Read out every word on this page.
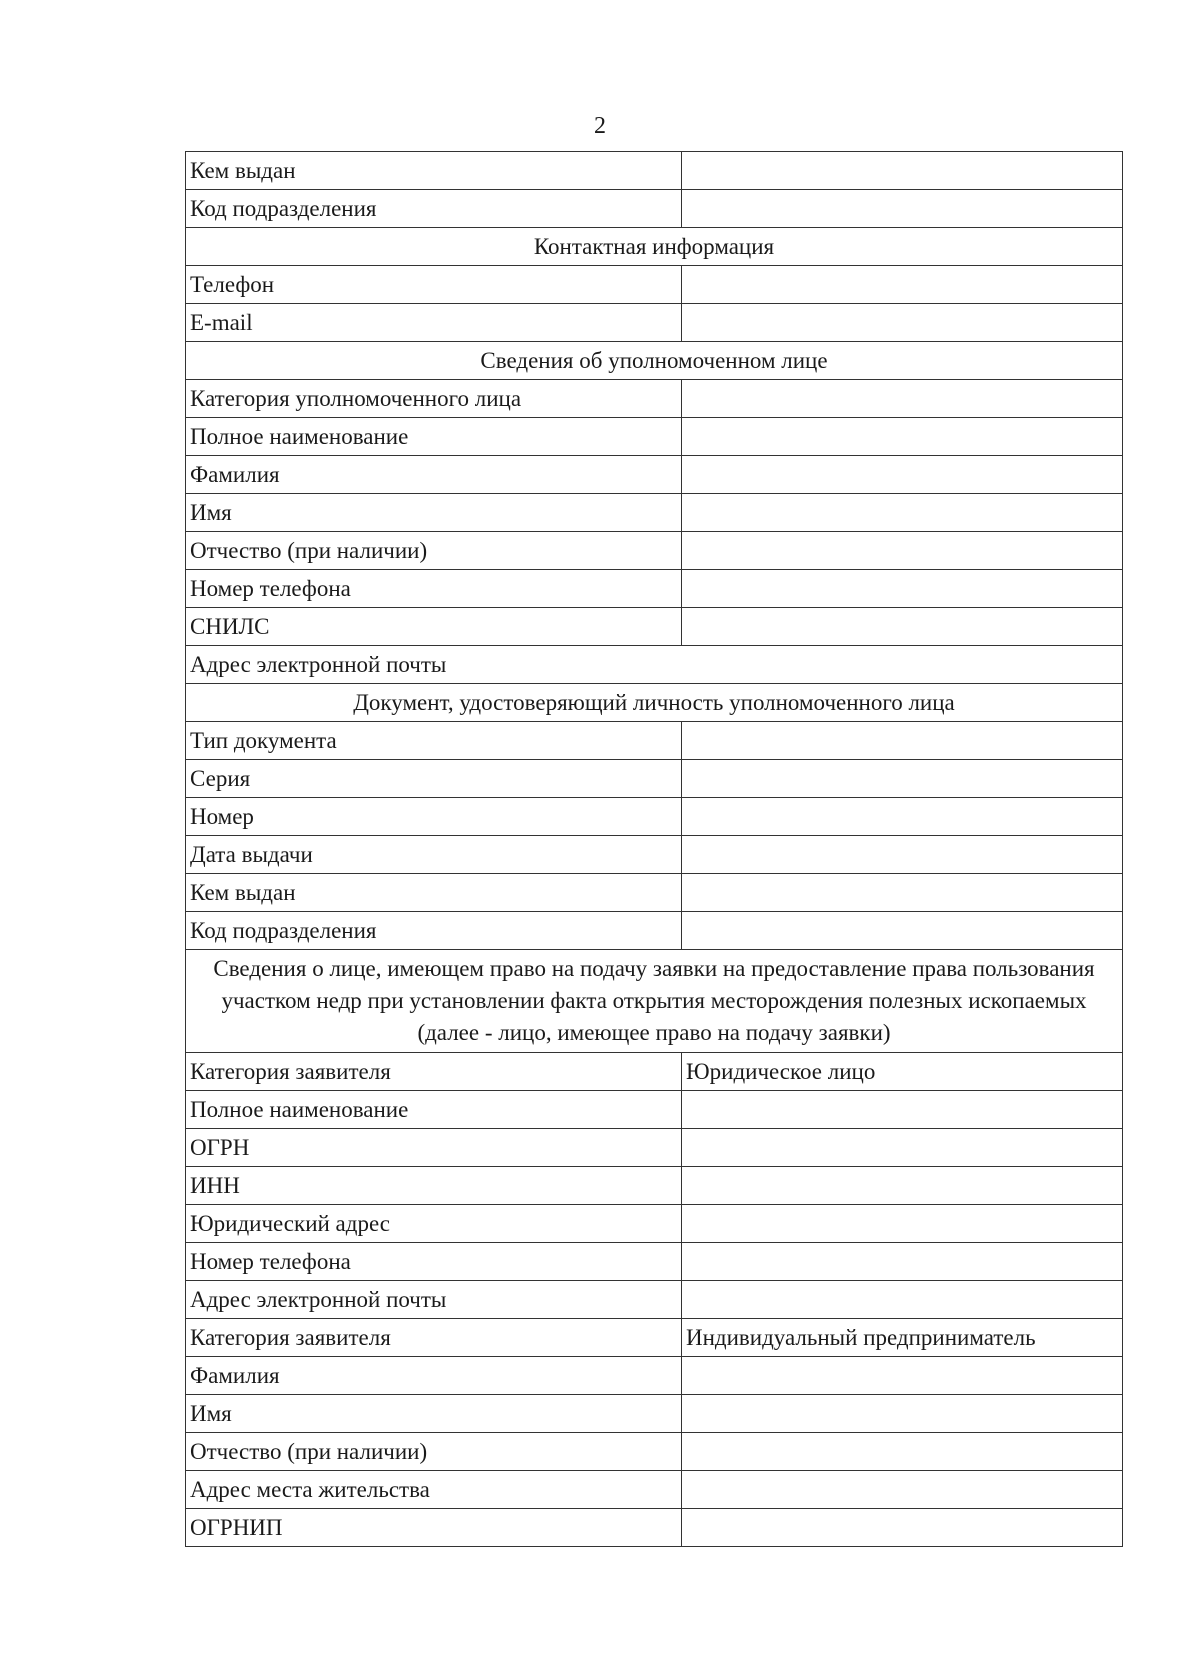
2
Кем выдан	
Код подразделения	
Контактная информация	
Телефон	
E-mail	
Сведения об уполномоченном лице	
Категория уполномоченного лица	
Полное наименование	
Фамилия	
Имя	
Отчество (при наличии)	
Номер телефона	
СНИЛС	
Адрес электронной почты	
Документ, удостоверяющий личность уполномоченного лица	
Тип документа	
Серия	
Номер	
Дата выдачи	
Кем выдан	
Код подразделения	
Сведения о лице, имеющем право на подачу заявки на предоставление права пользования участком недр при установлении факта открытия месторождения полезных ископаемых (далее - лицо, имеющее право на подачу заявки)	
Категория заявителя	Юридическое лицо
Полное наименование	
ОГРН	
ИНН	
Юридический адрес	
Номер телефона	
Адрес электронной почты	
Категория заявителя	Индивидуальный предприниматель
Фамилия	
Имя	
Отчество (при наличии)	
Адрес места жительства	
ОГРНИП	
